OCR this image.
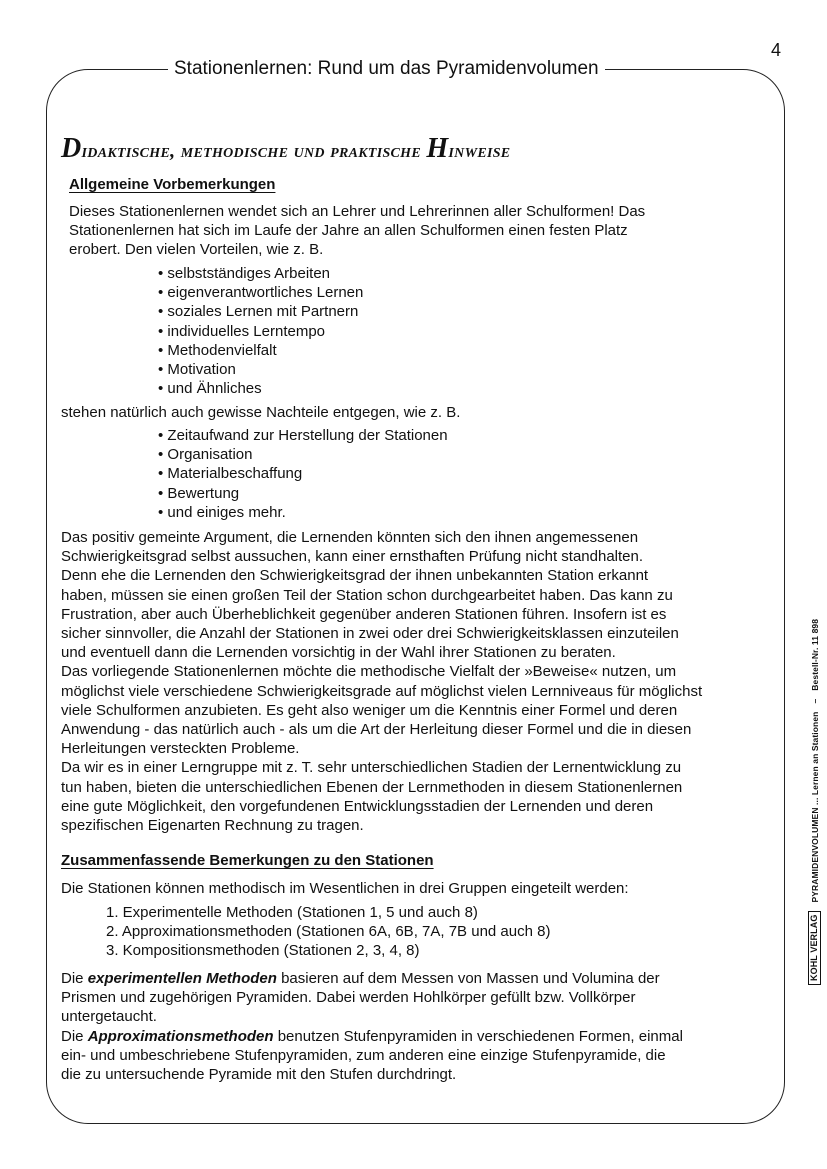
Stationenlernen: Rund um das Pyramidenvolumen
4
Didaktische, methodische und praktische Hinweise
Allgemeine Vorbemerkungen
Dieses Stationenlernen wendet sich an Lehrer und Lehrerinnen aller Schulformen! Das
Stationenlernen hat sich im Laufe der Jahre an allen Schulformen einen festen Platz
erobert. Den vielen Vorteilen, wie z. B.
• selbstständiges Arbeiten
• eigenverantwortliches Lernen
• soziales Lernen mit Partnern
• individuelles Lerntempo
• Methodenvielfalt
• Motivation
• und Ähnliches
stehen natürlich auch gewisse Nachteile entgegen, wie z. B.
• Zeitaufwand zur Herstellung der Stationen
• Organisation
• Materialbeschaffung
• Bewertung
• und einiges mehr.
Das positiv gemeinte Argument, die Lernenden könnten sich den ihnen angemessenen
Schwierigkeitsgrad selbst aussuchen, kann einer ernsthaften Prüfung nicht standhalten.
Denn ehe die Lernenden den Schwierigkeitsgrad der ihnen unbekannten Station erkannt
haben, müssen sie einen großen Teil der Station schon durchgearbeitet haben. Das kann zu
Frustration, aber auch Überheblichkeit gegenüber anderen Stationen führen. Insofern ist es
sicher sinnvoller, die Anzahl der Stationen in zwei oder drei Schwierigkeitsklassen einzuteilen
und eventuell dann die Lernenden vorsichtig in der Wahl ihrer Stationen zu beraten.
Das vorliegende Stationenlernen möchte die methodische Vielfalt der »Beweise« nutzen, um
möglichst viele verschiedene Schwierigkeitsgrade auf möglichst vielen Lernniveaus für möglichst
viele Schulformen anzubieten. Es geht also weniger um die Kenntnis einer Formel und deren
Anwendung - das natürlich auch - als um die Art der Herleitung dieser Formel und die in diesen
Herleitungen versteckten Probleme.
Da wir es in einer Lerngruppe mit z. T. sehr unterschiedlichen Stadien der Lernentwicklung zu
tun haben, bieten die unterschiedlichen Ebenen der Lernmethoden in diesem Stationenlernen
eine gute Möglichkeit, den vorgefundenen Entwicklungsstadien der Lernenden und deren
spezifischen Eigenarten Rechnung zu tragen.
Zusammenfassende Bemerkungen zu den Stationen
Die Stationen können methodisch im Wesentlichen in drei Gruppen eingeteilt werden:
1. Experimentelle Methoden (Stationen 1, 5 und auch 8)
2. Approximationsmethoden (Stationen 6A, 6B, 7A, 7B und auch 8)
3. Kompositionsmethoden (Stationen 2, 3, 4, 8)
Die experimentellen Methoden basieren auf dem Messen von Massen und Volumina der
Prismen und zugehörigen Pyramiden. Dabei werden Hohlkörper gefüllt bzw. Vollkörper
untergetaucht.
Die Approximationsmethoden benutzen Stufenpyramiden in verschiedenen Formen, einmal
ein- und umbeschriebene Stufenpyramiden, zum anderen eine einzige Stufenpyramide, die
die zu untersuchende Pyramide mit den Stufen durchdringt.
KOHL VERLAG
PYRAMIDENVOLUMEN ... Lernen an Stationen
–
Bestell-Nr. 11 898
